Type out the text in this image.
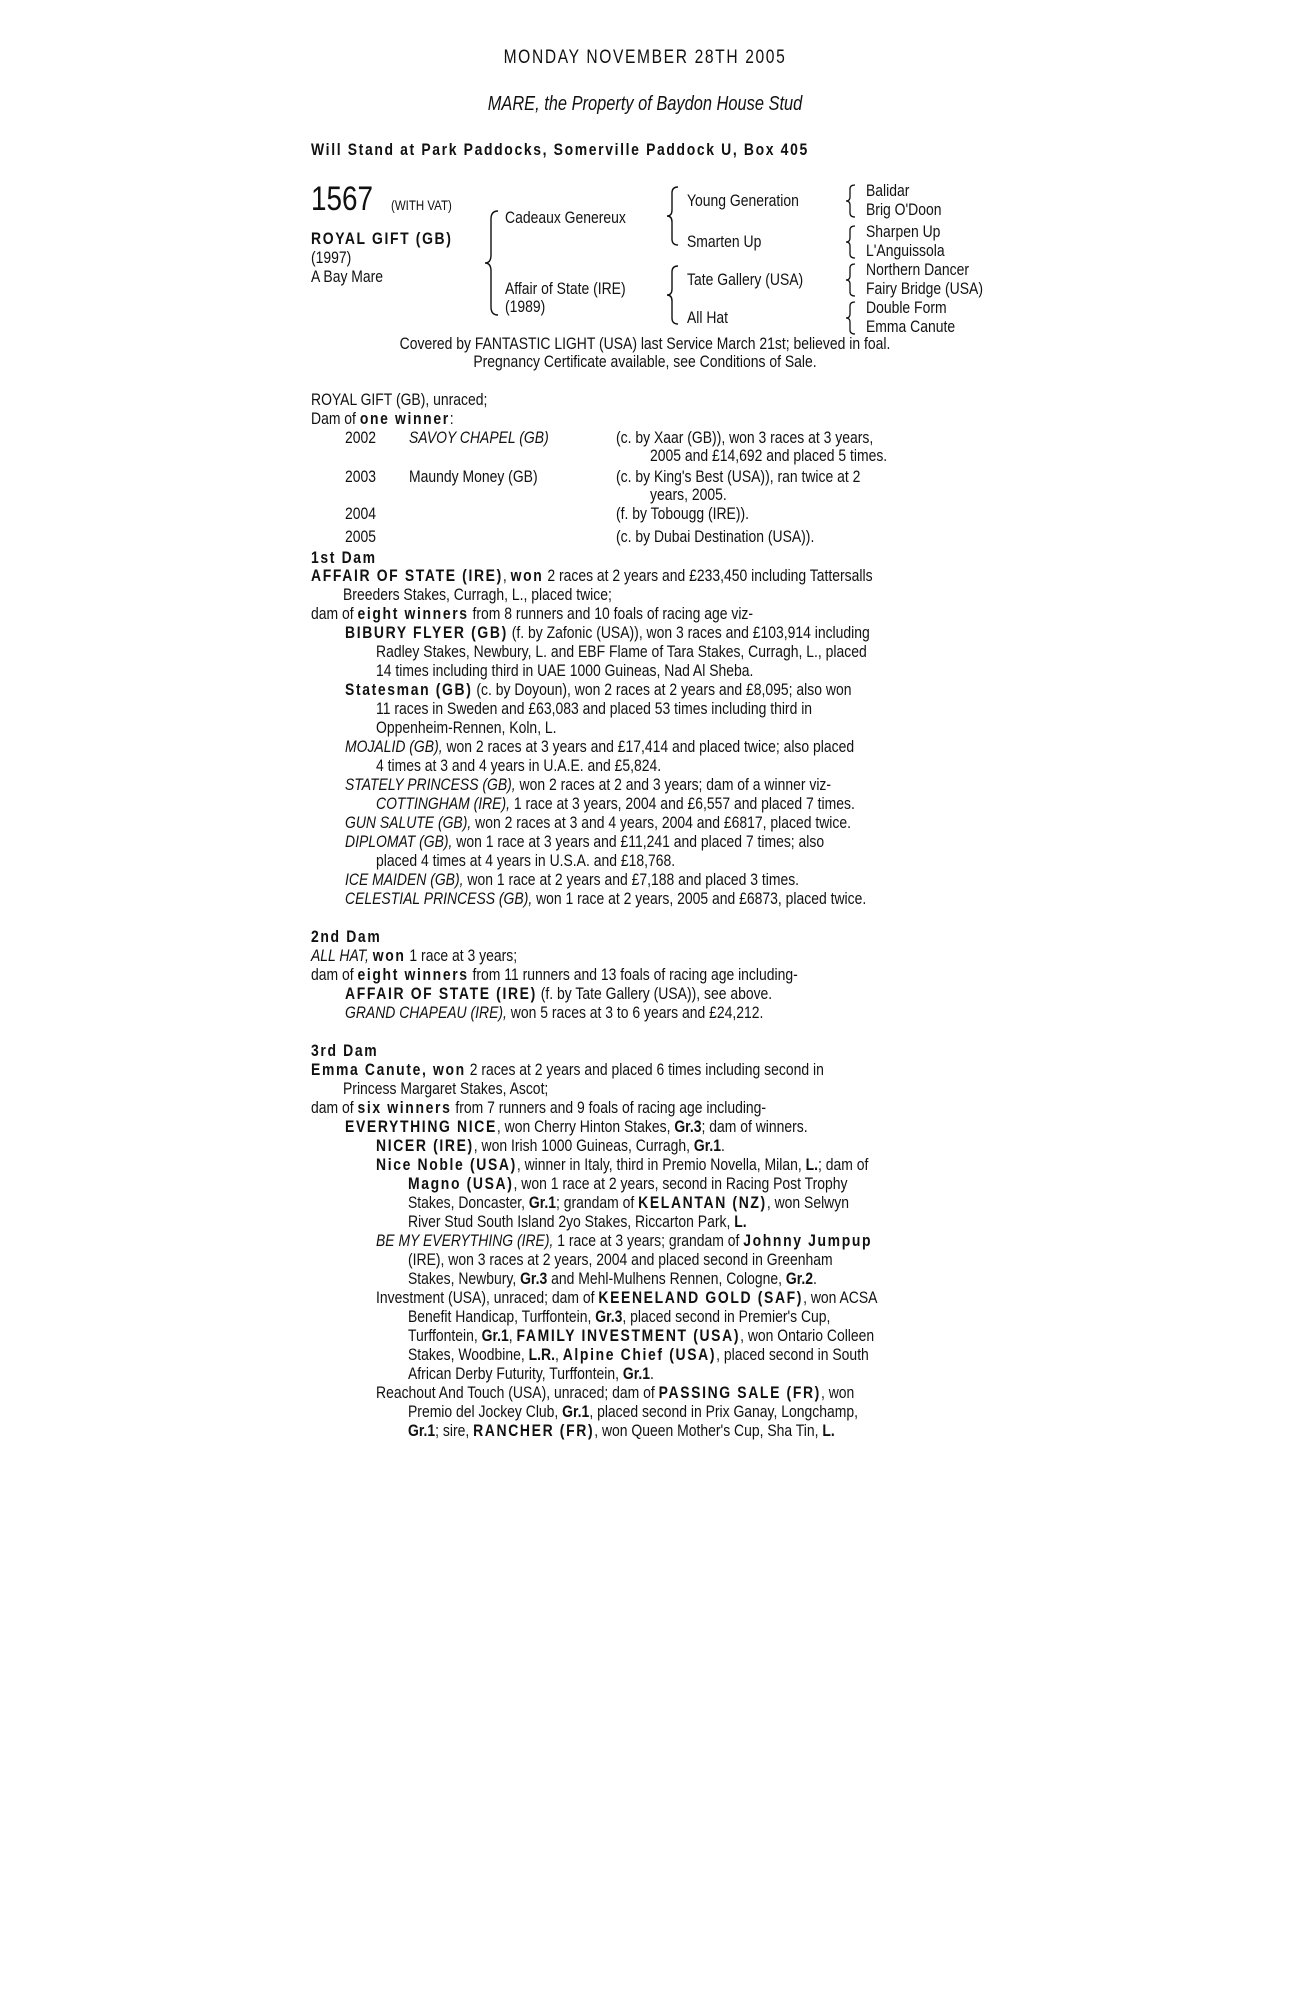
MONDAY NOVEMBER 28TH 2005
MARE, the Property of Baydon House Stud
Will Stand at Park Paddocks, Somerville Paddock U, Box 405
1567 (WITH VAT)
ROYAL GIFT (GB)
(1997)
A Bay Mare
Cadeaux Genereux
Affair of State (IRE)
(1989)
Young Generation
Smarten Up
Tate Gallery (USA)
All Hat
Balidar
Brig O'Doon
Sharpen Up
L'Anguissola
Northern Dancer
Fairy Bridge (USA)
Double Form
Emma Canute
Covered by FANTASTIC LIGHT (USA) last Service March 21st; believed in foal.
Pregnancy Certificate available, see Conditions of Sale.
ROYAL GIFT (GB), unraced;
Dam of one winner:
2002 SAVOY CHAPEL (GB)	(c. by Xaar (GB)), won 3 races at 3 years,
2005 and £14,692 and placed 5 times.
2003 Maundy Money (GB)	(c. by King's Best (USA)), ran twice at 2
years, 2005.
2004	(f. by Tobougg (IRE)).
2005	(c. by Dubai Destination (USA)).
1st Dam
AFFAIR OF STATE (IRE), won 2 races at 2 years and £233,450 including Tattersalls
Breeders Stakes, Curragh, L., placed twice;
dam of eight winners from 8 runners and 10 foals of racing age viz-
BIBURY FLYER (GB) (f. by Zafonic (USA)), won 3 races and £103,914 including
Radley Stakes, Newbury, L. and EBF Flame of Tara Stakes, Curragh, L., placed
14 times including third in UAE 1000 Guineas, Nad Al Sheba.
Statesman (GB) (c. by Doyoun), won 2 races at 2 years and £8,095; also won
11 races in Sweden and £63,083 and placed 53 times including third in
Oppenheim-Rennen, Koln, L.
MOJALID (GB), won 2 races at 3 years and £17,414 and placed twice; also placed
4 times at 3 and 4 years in U.A.E. and £5,824.
STATELY PRINCESS (GB), won 2 races at 2 and 3 years; dam of a winner viz-
COTTINGHAM (IRE), 1 race at 3 years, 2004 and £6,557 and placed 7 times.
GUN SALUTE (GB), won 2 races at 3 and 4 years, 2004 and £6817, placed twice.
DIPLOMAT (GB), won 1 race at 3 years and £11,241 and placed 7 times; also
placed 4 times at 4 years in U.S.A. and £18,768.
ICE MAIDEN (GB), won 1 race at 2 years and £7,188 and placed 3 times.
CELESTIAL PRINCESS (GB), won 1 race at 2 years, 2005 and £6873, placed twice.
2nd Dam
ALL HAT, won 1 race at 3 years;
dam of eight winners from 11 runners and 13 foals of racing age including-
AFFAIR OF STATE (IRE) (f. by Tate Gallery (USA)), see above.
GRAND CHAPEAU (IRE), won 5 races at 3 to 6 years and £24,212.
3rd Dam
Emma Canute, won 2 races at 2 years and placed 6 times including second in
Princess Margaret Stakes, Ascot;
dam of six winners from 7 runners and 9 foals of racing age including-
EVERYTHING NICE, won Cherry Hinton Stakes, Gr.3; dam of winners.
NICER (IRE), won Irish 1000 Guineas, Curragh, Gr.1.
Nice Noble (USA), winner in Italy, third in Premio Novella, Milan, L.; dam of
Magno (USA), won 1 race at 2 years, second in Racing Post Trophy
Stakes, Doncaster, Gr.1; grandam of KELANTAN (NZ), won Selwyn
River Stud South Island 2yo Stakes, Riccarton Park, L.
BE MY EVERYTHING (IRE), 1 race at 3 years; grandam of Johnny Jumpup
(IRE), won 3 races at 2 years, 2004 and placed second in Greenham
Stakes, Newbury, Gr.3 and Mehl-Mulhens Rennen, Cologne, Gr.2.
Investment (USA), unraced; dam of KEENELAND GOLD (SAF), won ACSA
Benefit Handicap, Turffontein, Gr.3, placed second in Premier's Cup,
Turffontein, Gr.1, FAMILY INVESTMENT (USA), won Ontario Colleen
Stakes, Woodbine, L.R., Alpine Chief (USA), placed second in South
African Derby Futurity, Turffontein, Gr.1.
Reachout And Touch (USA), unraced; dam of PASSING SALE (FR), won
Premio del Jockey Club, Gr.1, placed second in Prix Ganay, Longchamp,
Gr.1; sire, RANCHER (FR), won Queen Mother's Cup, Sha Tin, L.
